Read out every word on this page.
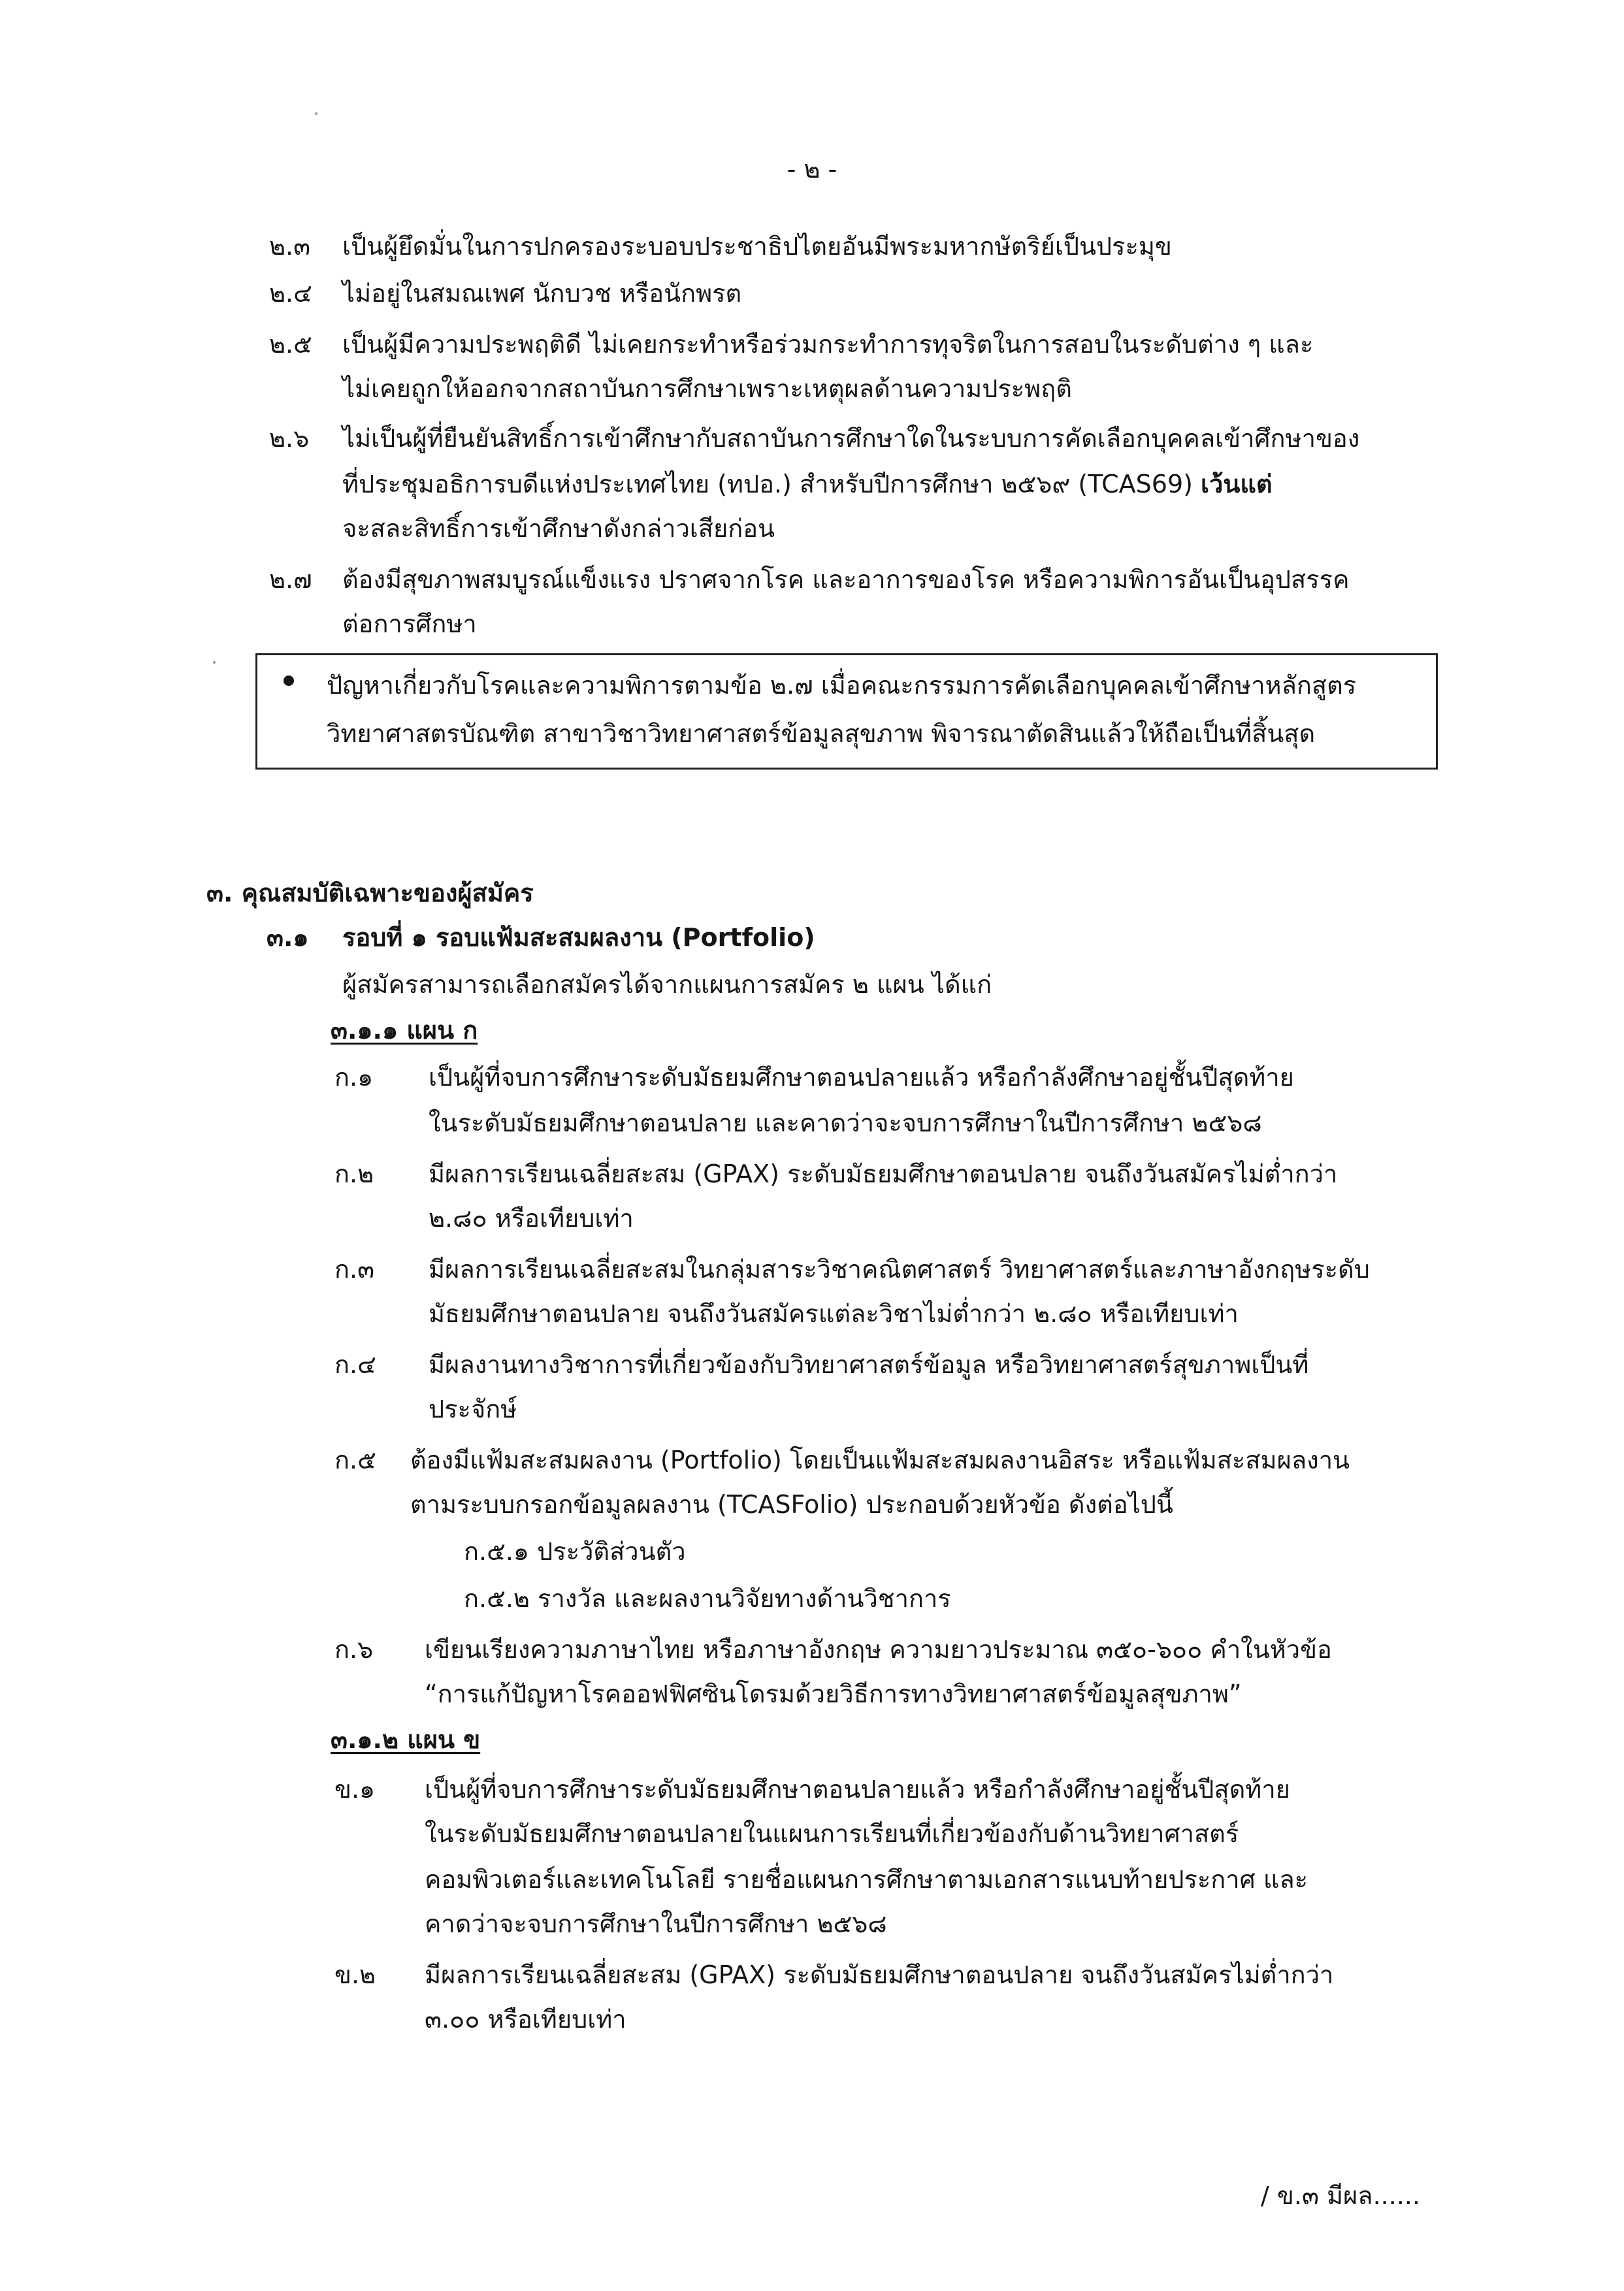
- ๒ -
๒.๓ เป็นผู้ยึดมั่นในการปกครองระบอบประชาธิปไตยอันมีพระมหากษัตริย์เป็นประมุข
๒.๔ ไม่อยู่ในสมณเพศ นักบวช หรือนักพรต
๒.๕ เป็นผู้มีความประพฤติดี ไม่เคยกระทำหรือร่วมกระทำการทุจริตในการสอบในระดับต่าง ๆ และ
ไม่เคยถูกให้ออกจากสถาบันการศึกษาเพราะเหตุผลด้านความประพฤติ
๒.๖ ไม่เป็นผู้ที่ยืนยันสิทธิ์การเข้าศึกษากับสถาบันการศึกษาใดในระบบการคัดเลือกบุคคลเข้าศึกษาของ
ที่ประชุมอธิการบดีแห่งประเทศไทย (ทปอ.) สำหรับปีการศึกษา ๒๕๖๙ (TCAS69) เว้นแต่
จะสละสิทธิ์การเข้าศึกษาดังกล่าวเสียก่อน
๒.๗ ต้องมีสุขภาพสมบูรณ์แข็งแรง ปราศจากโรค และอาการของโรค หรือความพิการอันเป็นอุปสรรค
ต่อการศึกษา
ปัญหาเกี่ยวกับโรคและความพิการตามข้อ ๒.๗ เมื่อคณะกรรมการคัดเลือกบุคคลเข้าศึกษาหลักสูตร
วิทยาศาสตรบัณฑิต สาขาวิชาวิทยาศาสตร์ข้อมูลสุขภาพ พิจารณาตัดสินแล้วให้ถือเป็นที่สิ้นสุด
๓. คุณสมบัติเฉพาะของผู้สมัคร
๓.๑ รอบที่ ๑ รอบแฟ้มสะสมผลงาน (Portfolio)
ผู้สมัครสามารถเลือกสมัครได้จากแผนการสมัคร ๒ แผน ได้แก่
๓.๑.๑ แผน ก
ก.๑ เป็นผู้ที่จบการศึกษาระดับมัธยมศึกษาตอนปลายแล้ว หรือกำลังศึกษาอยู่ชั้นปีสุดท้าย
ในระดับมัธยมศึกษาตอนปลาย และคาดว่าจะจบการศึกษาในปีการศึกษา ๒๕๖๘
ก.๒ มีผลการเรียนเฉลี่ยสะสม (GPAX) ระดับมัธยมศึกษาตอนปลาย จนถึงวันสมัครไม่ต่ำกว่า
๒.๘๐ หรือเทียบเท่า
ก.๓ มีผลการเรียนเฉลี่ยสะสมในกลุ่มสาระวิชาคณิตศาสตร์ วิทยาศาสตร์และภาษาอังกฤษระดับ
มัธยมศึกษาตอนปลาย จนถึงวันสมัครแต่ละวิชาไม่ต่ำกว่า ๒.๘๐ หรือเทียบเท่า
ก.๔ มีผลงานทางวิชาการที่เกี่ยวข้องกับวิทยาศาสตร์ข้อมูล หรือวิทยาศาสตร์สุขภาพเป็นที่
ประจักษ์
ก.๕ ต้องมีแฟ้มสะสมผลงาน (Portfolio) โดยเป็นแฟ้มสะสมผลงานอิสระ หรือแฟ้มสะสมผลงาน
ตามระบบกรอกข้อมูลผลงาน (TCASFolio) ประกอบด้วยหัวข้อ ดังต่อไปนี้
ก.๕.๑ ประวัติส่วนตัว
ก.๕.๒ รางวัล และผลงานวิจัยทางด้านวิชาการ
ก.๖ เขียนเรียงความภาษาไทย หรือภาษาอังกฤษ ความยาวประมาณ ๓๕๐-๖๐๐ คำในหัวข้อ
“การแก้ปัญหาโรคออฟฟิศซินโดรมด้วยวิธีการทางวิทยาศาสตร์ข้อมูลสุขภาพ”
๓.๑.๒ แผน ข
ข.๑ เป็นผู้ที่จบการศึกษาระดับมัธยมศึกษาตอนปลายแล้ว หรือกำลังศึกษาอยู่ชั้นปีสุดท้าย
ในระดับมัธยมศึกษาตอนปลายในแผนการเรียนที่เกี่ยวข้องกับด้านวิทยาศาสตร์
คอมพิวเตอร์และเทคโนโลยี รายชื่อแผนการศึกษาตามเอกสารแนบท้ายประกาศ และ
คาดว่าจะจบการศึกษาในปีการศึกษา ๒๕๖๘
ข.๒ มีผลการเรียนเฉลี่ยสะสม (GPAX) ระดับมัธยมศึกษาตอนปลาย จนถึงวันสมัครไม่ต่ำกว่า
๓.๐๐ หรือเทียบเท่า
/ ข.๓ มีผล......
